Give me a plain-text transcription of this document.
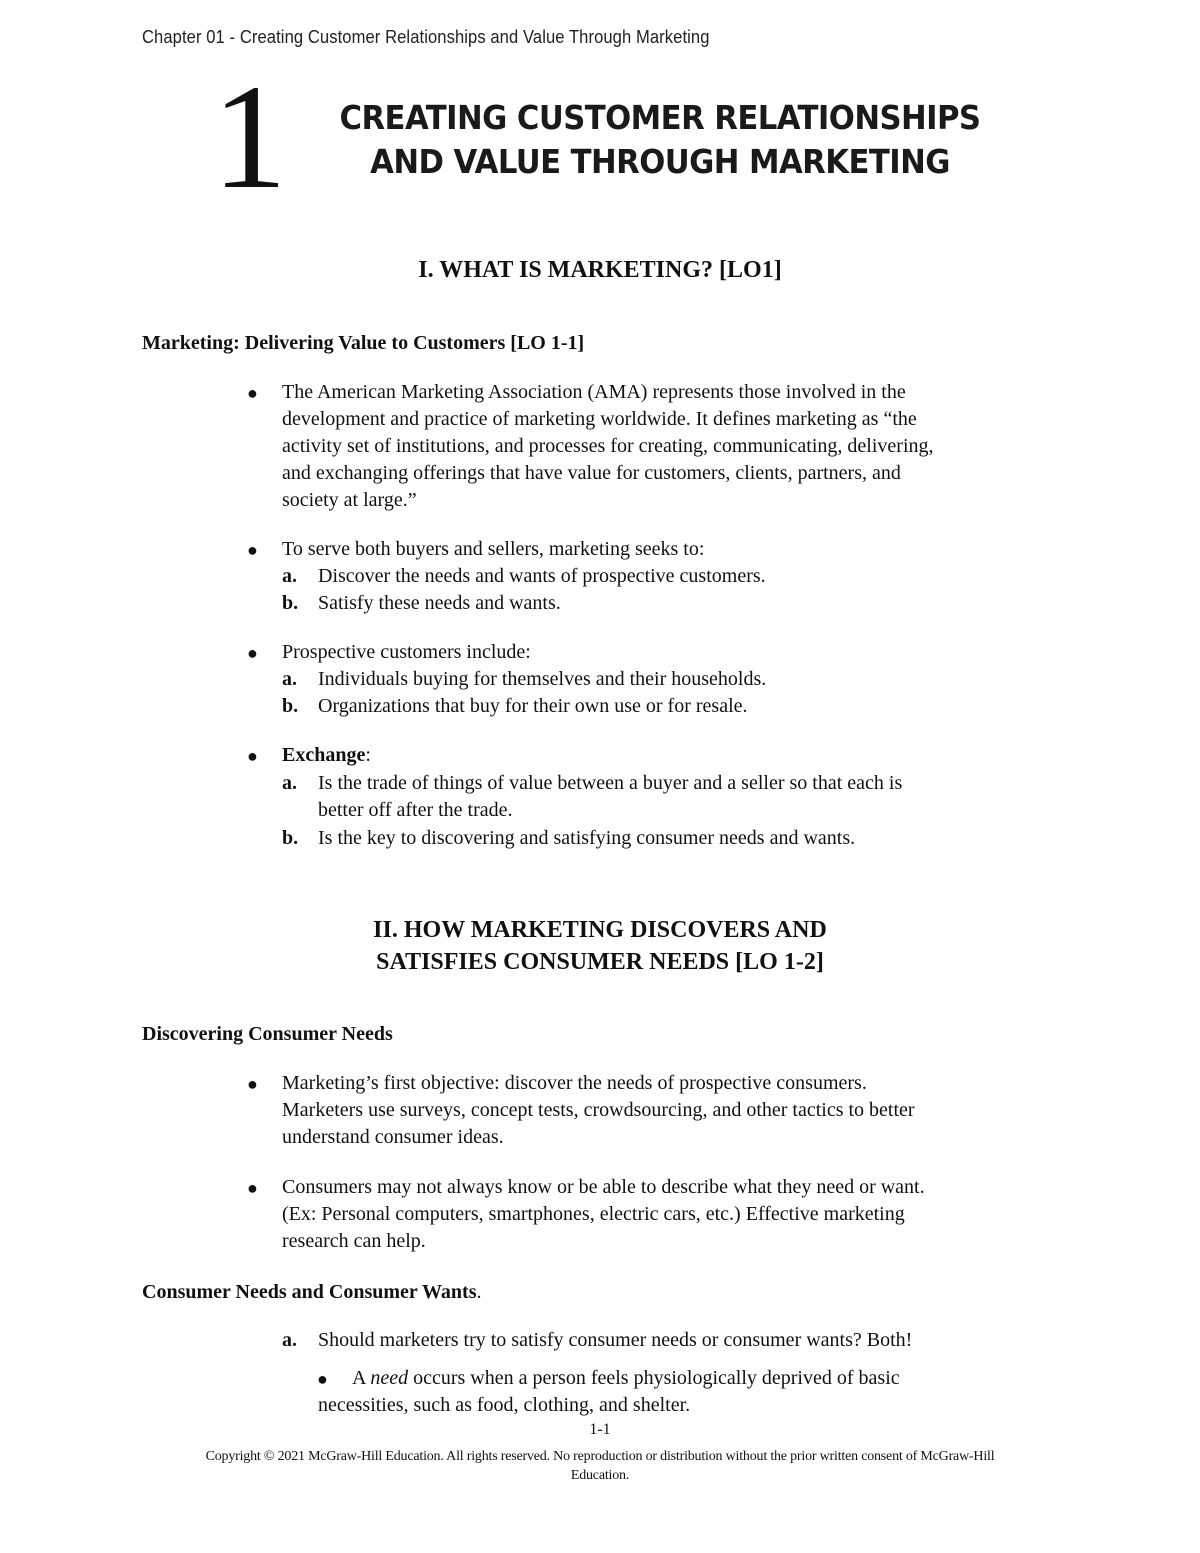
Chapter 01 - Creating Customer Relationships and Value Through Marketing
1	CREATING CUSTOMER RELATIONSHIPS
AND VALUE THROUGH MARKETING
I. WHAT IS MARKETING? [LO1]
Marketing: Delivering Value to Customers [LO 1-1]
● The American Marketing Association (AMA) represents those involved in the
development and practice of marketing worldwide. It defines marketing as “the
activity set of institutions, and processes for creating, communicating, delivering,
and exchanging offerings that have value for customers, clients, partners, and
society at large.”
● To serve both buyers and sellers, marketing seeks to:
a. Discover the needs and wants of prospective customers.
b. Satisfy these needs and wants.
● Prospective customers include:
a. Individuals buying for themselves and their households.
b. Organizations that buy for their own use or for resale.
● Exchange:
a. Is the trade of things of value between a buyer and a seller so that each is
better off after the trade.
b. Is the key to discovering and satisfying consumer needs and wants.
II. HOW MARKETING DISCOVERS AND
SATISFIES CONSUMER NEEDS [LO 1-2]
Discovering Consumer Needs
● Marketing’s first objective: discover the needs of prospective consumers.
Marketers use surveys, concept tests, crowdsourcing, and other tactics to better
understand consumer ideas.
● Consumers may not always know or be able to describe what they need or want.
(Ex: Personal computers, smartphones, electric cars, etc.) Effective marketing
research can help.
Consumer Needs and Consumer Wants.
a. Should marketers try to satisfy consumer needs or consumer wants? Both!
● A need occurs when a person feels physiologically deprived of basic
necessities, such as food, clothing, and shelter.
1-1
Copyright © 2021 McGraw-Hill Education. All rights reserved. No reproduction or distribution without the prior written consent of McGraw-Hill
Education.
